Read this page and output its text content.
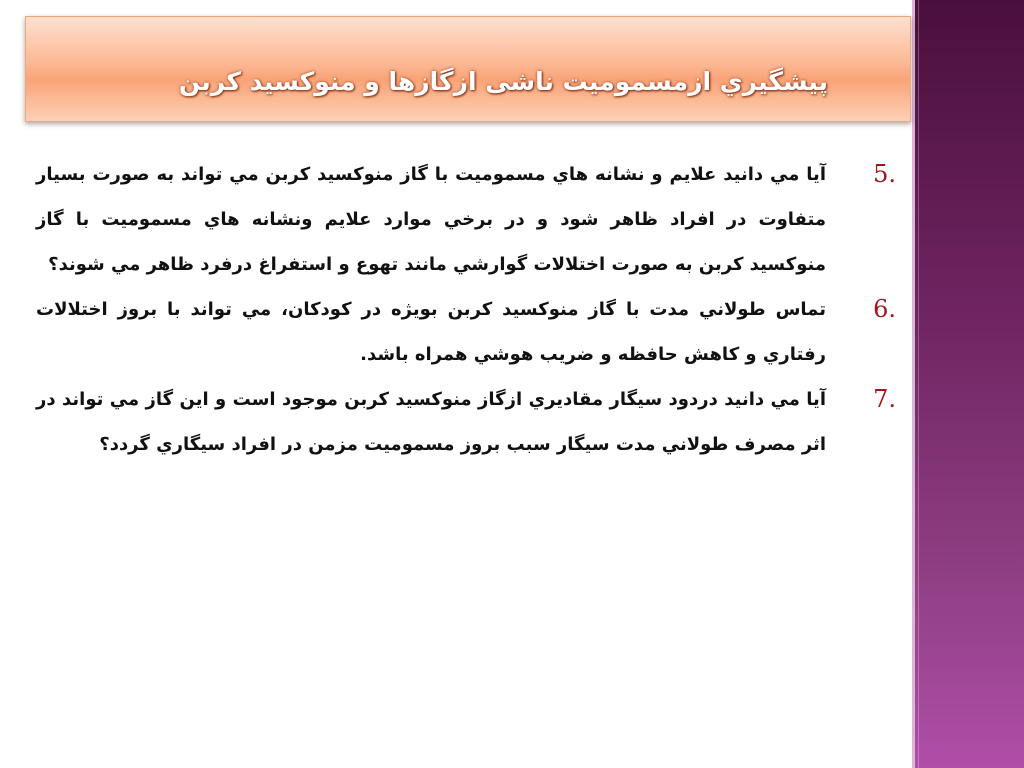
پيشگيري ازمسموميت ناشی ازگازها و منوکسيد کربن
5.
آيا مي دانيد علايم و نشانه هاي مسموميت با گاز منوكسيد كربن مي تواند به صورت بسيار متفاوت در افراد ظاهر شود و در برخي موارد علايم ونشانه هاي مسموميت با گاز منوكسيد كربن به صورت اختلالات گوارشي مانند تهوع و استفراغ درفرد ظاهر مي شوند؟
6.
تماس طولاني مدت با گاز منوكسيد كربن بويژه در كودكان، مي تواند با بروز اختلالات رفتاري و كاهش حافظه و ضريب هوشي همراه باشد.
7.
آيا مي دانيد دردود سيگار مقاديري ازگاز منوكسيد كربن موجود است و اين گاز مي تواند در اثر مصرف طولاني مدت سيگار سبب بروز مسموميت مزمن در افراد سيگاري گردد؟
